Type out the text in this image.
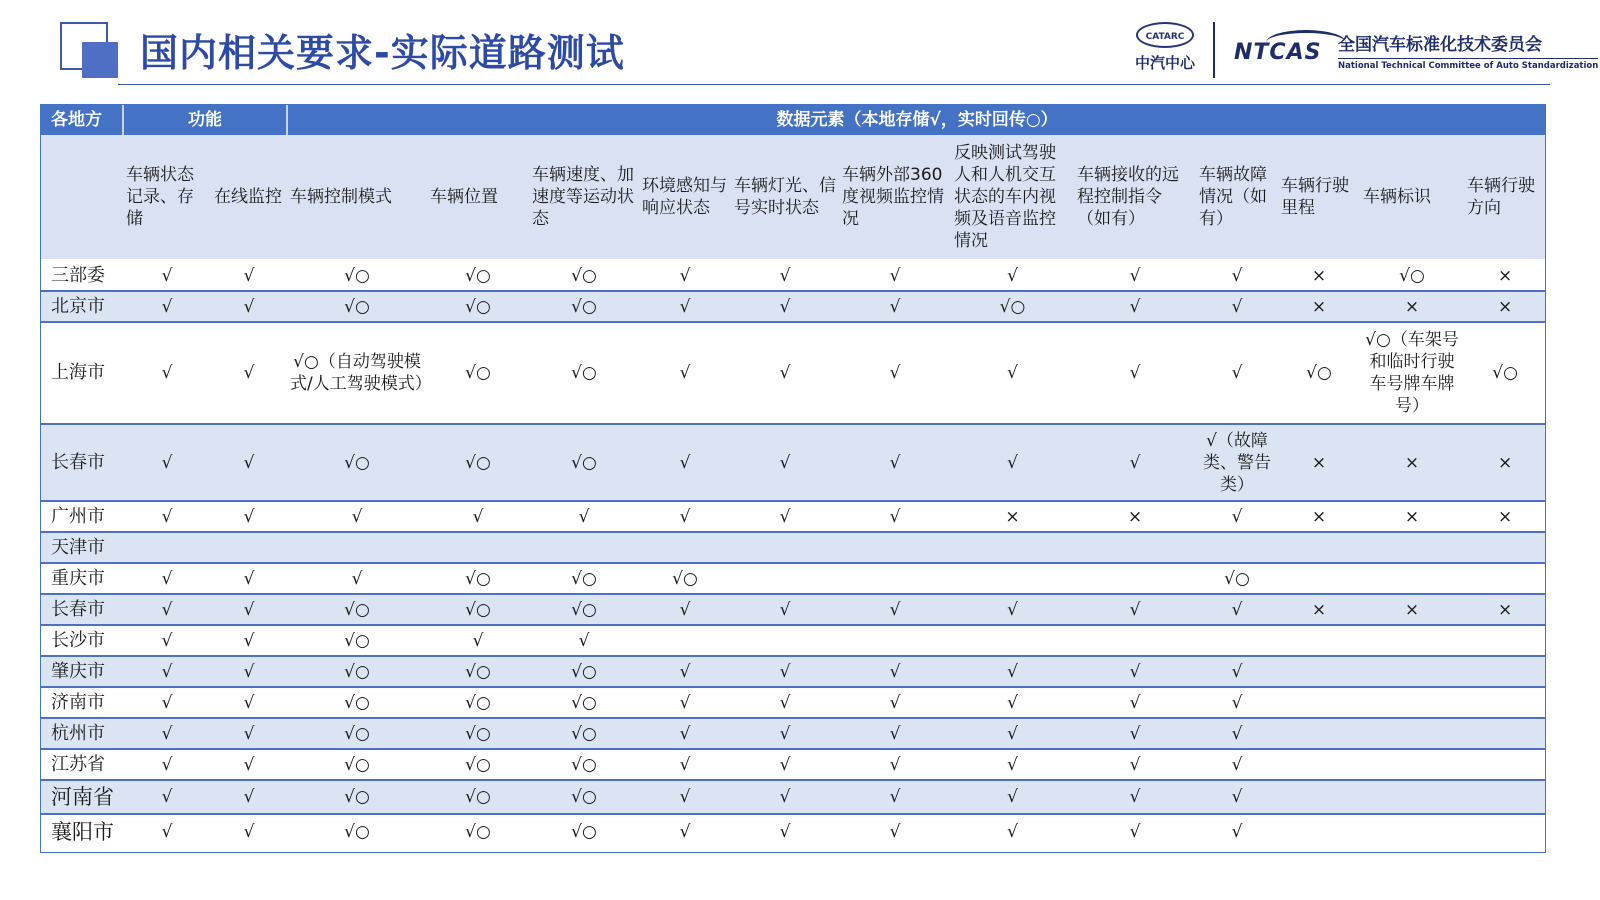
国内相关要求-实际道路测试	CATARC
中汽中心 NTCAS 全国汽车标准化技术委员会
National Technical Committee of Auto Standardization
各地方	功能		数据元素（本地存储√，实时回传○）											
	车辆状态记录、存储	在线监控	车辆控制模式	车辆位置	车辆速度、加速度等运动状态	环境感知与响应状态	车辆灯光、信号实时状态	车辆外部360度视频监控情况	反映测试驾驶人和人机交互状态的车内视频及语音监控情况	车辆接收的远程控制指令（如有）	车辆故障情况（如有）	车辆行驶里程	车辆标识	车辆行驶方向
三部委	√	√	√○	√○	√○	√	√	√	√	√	√	×	√○	×
北京市	√	√	√○	√○	√○	√	√	√	√○	√	√	×	×	×
上海市	√	√	√○（自动驾驶模式/人工驾驶模式）	√○	√○	√	√	√	√	√	√	√○	√○（车架号和临时行驶车号牌车牌号）	√○
长春市	√	√	√○	√○	√○	√	√	√	√	√	√（故障类、警告类）	×	×	×
广州市	√	√	√	√	√	√	√	√	×	×	√	×	×	×
天津市														
重庆市	√	√	√	√○	√○	√○					√○			
长春市	√	√	√○	√○	√○	√	√	√	√	√	√	×	×	×
长沙市	√	√	√○	√	√									
肇庆市	√	√	√○	√○	√○	√	√	√	√	√	√			
济南市	√	√	√○	√○	√○	√	√	√	√	√	√			
杭州市	√	√	√○	√○	√○	√	√	√	√	√	√			
江苏省	√	√	√○	√○	√○	√	√	√	√	√	√			
河南省	√	√	√○	√○	√○	√	√	√	√	√	√			
襄阳市	√	√	√○	√○	√○	√	√	√	√	√	√			
